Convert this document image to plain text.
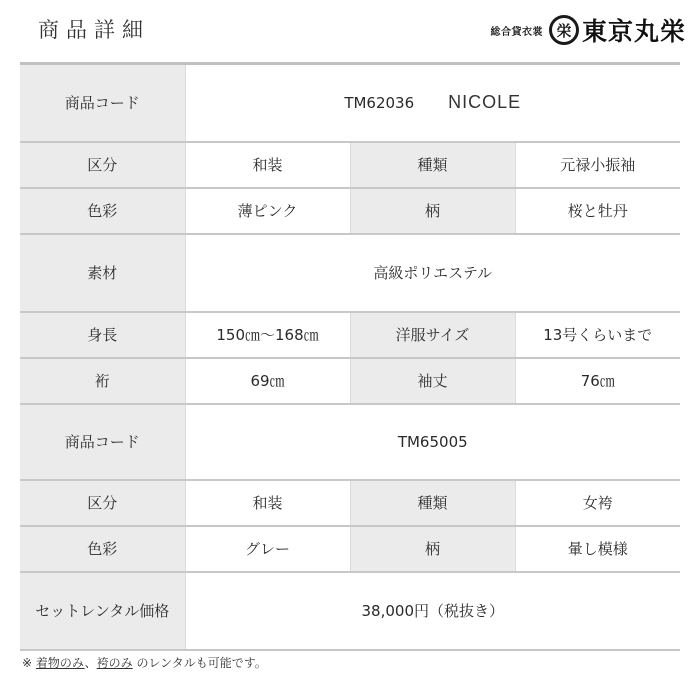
商品詳細	総合貸衣裳 栄 東京丸栄
商品コード	TM62036 NICOLE		
区分	和装	種類	元禄小振袖
色彩	薄ピンク	柄	桜と牡丹
素材	高級ポリエステル		
身長	150㎝～168㎝	洋服サイズ	13号くらいまで
裄	69㎝	袖丈	76㎝
商品コード	TM65005		
区分	和装	種類	女袴
色彩	グレー	柄	暈し模様
セットレンタル価格	38,000円（税抜き）		
※ 着物のみ、袴のみ のレンタルも可能です。
